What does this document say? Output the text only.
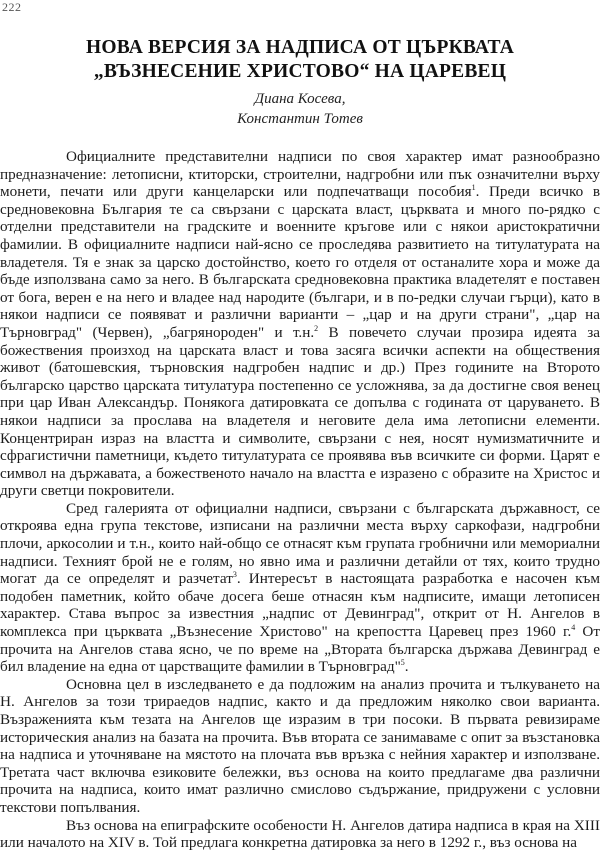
222
НОВА ВЕРСИЯ ЗА НАДПИСА ОТ ЦЪРКВАТА
„ВЪЗНЕСЕНИЕ ХРИСТОВО“ НА ЦАРЕВЕЦ
Диана Косева,
Константин Тотев

Официалните представителни надписи по своя характер имат разнообразно предназначение: летописни, ктиторски, строителни, надгробни или пък означителни върху монети, печати или други канцеларски или подпечатващи пособия$^1$. Преди всичко в средновековна България те са свързани с царската власт, църквата и много по-рядко с отделни представители на градските и военните кръгове или с някои аристократични фамилии. В официалните надписи най-ясно се проследява развитието на титулатурата на владетеля. Тя е знак за царско достойнство, което го отделя от останалите хора и може да бъде използвана само за него. В българската средновековна практика владетелят е поставен от бога, верен е на него и владее над народите (българи, и в по-редки случаи гърци), като в някои надписи се появяват и различни варианти – „цар и на други страни", „цар на Търновград" (Червен), „багрянороден" и т.н.$^2$ В повечето случаи прозира идеята за божествения произход на царската власт и това засяга всички аспекти на обществения живот (батошевския, търновския надгробен надпис и др.) През годините на Второто българско царство царската титулатура постепенно се усложнява, за да достигне своя венец при цар Иван Александър. Понякога датировката се допълва с годината от царуването. В някои надписи за прослава на владетеля и неговите дела има летописни елементи. Концентриран израз на властта и символите, свързани с нея, носят нумизматичните и сфрагистични паметници, където титулатурата се проявява във всичките си форми. Царят е символ на държавата, а божественото начало на властта е изразено с образите на Христос и други светци покровители.

Сред галерията от официални надписи, свързани с българската държавност, се откроява една група текстове, изписани на различни места върху саркофази, надгробни плочи, аркосолии и т.н., които най-общо се отнасят към групата гробнични или мемориални надписи. Техният брой не е голям, но явно има и различни детайли от тях, които трудно могат да се определят и разчетат$^3$. Интересът в настоящата разработка е насочен към подобен паметник, който обаче досега беше отнасян към надписите, имащи летописен характер. Става въпрос за известния „надпис от Девинград", открит от Н. Ангелов в комплекса при църквата „Възнесение Христово" на крепостта Царевец през 1960 г.$^4$ От прочита на Ангелов става ясно, че по време на „Втората българска държава Девинград е бил владение на една от царстващите фамилии в Търновград"$^5$.

Основна цел в изследването е да подложим на анализ прочита и тълкуването на Н. Ангелов за този трираедов надпис, както и да предложим няколко свои варианта. Възраженията към тезата на Ангелов ще изразим в три посоки. В първата ревизираме историческия анализ на базата на прочита. Във втората се занимаваме с опит за възстановка на надписа и уточняване на мястото на плочата във връзка с нейния характер и използване. Третата част включва езиковите бележки, въз основа на които предлагаме два различни прочита на надписа, които имат различно смислово съдържание, придружени с условни текстови попълвания.

Въз основа на епиграфските особености Н. Ангелов датира надписа в края на XIII или началото на XIV в. Той предлага конкретна датировка за него в 1292 г., въз основа на
